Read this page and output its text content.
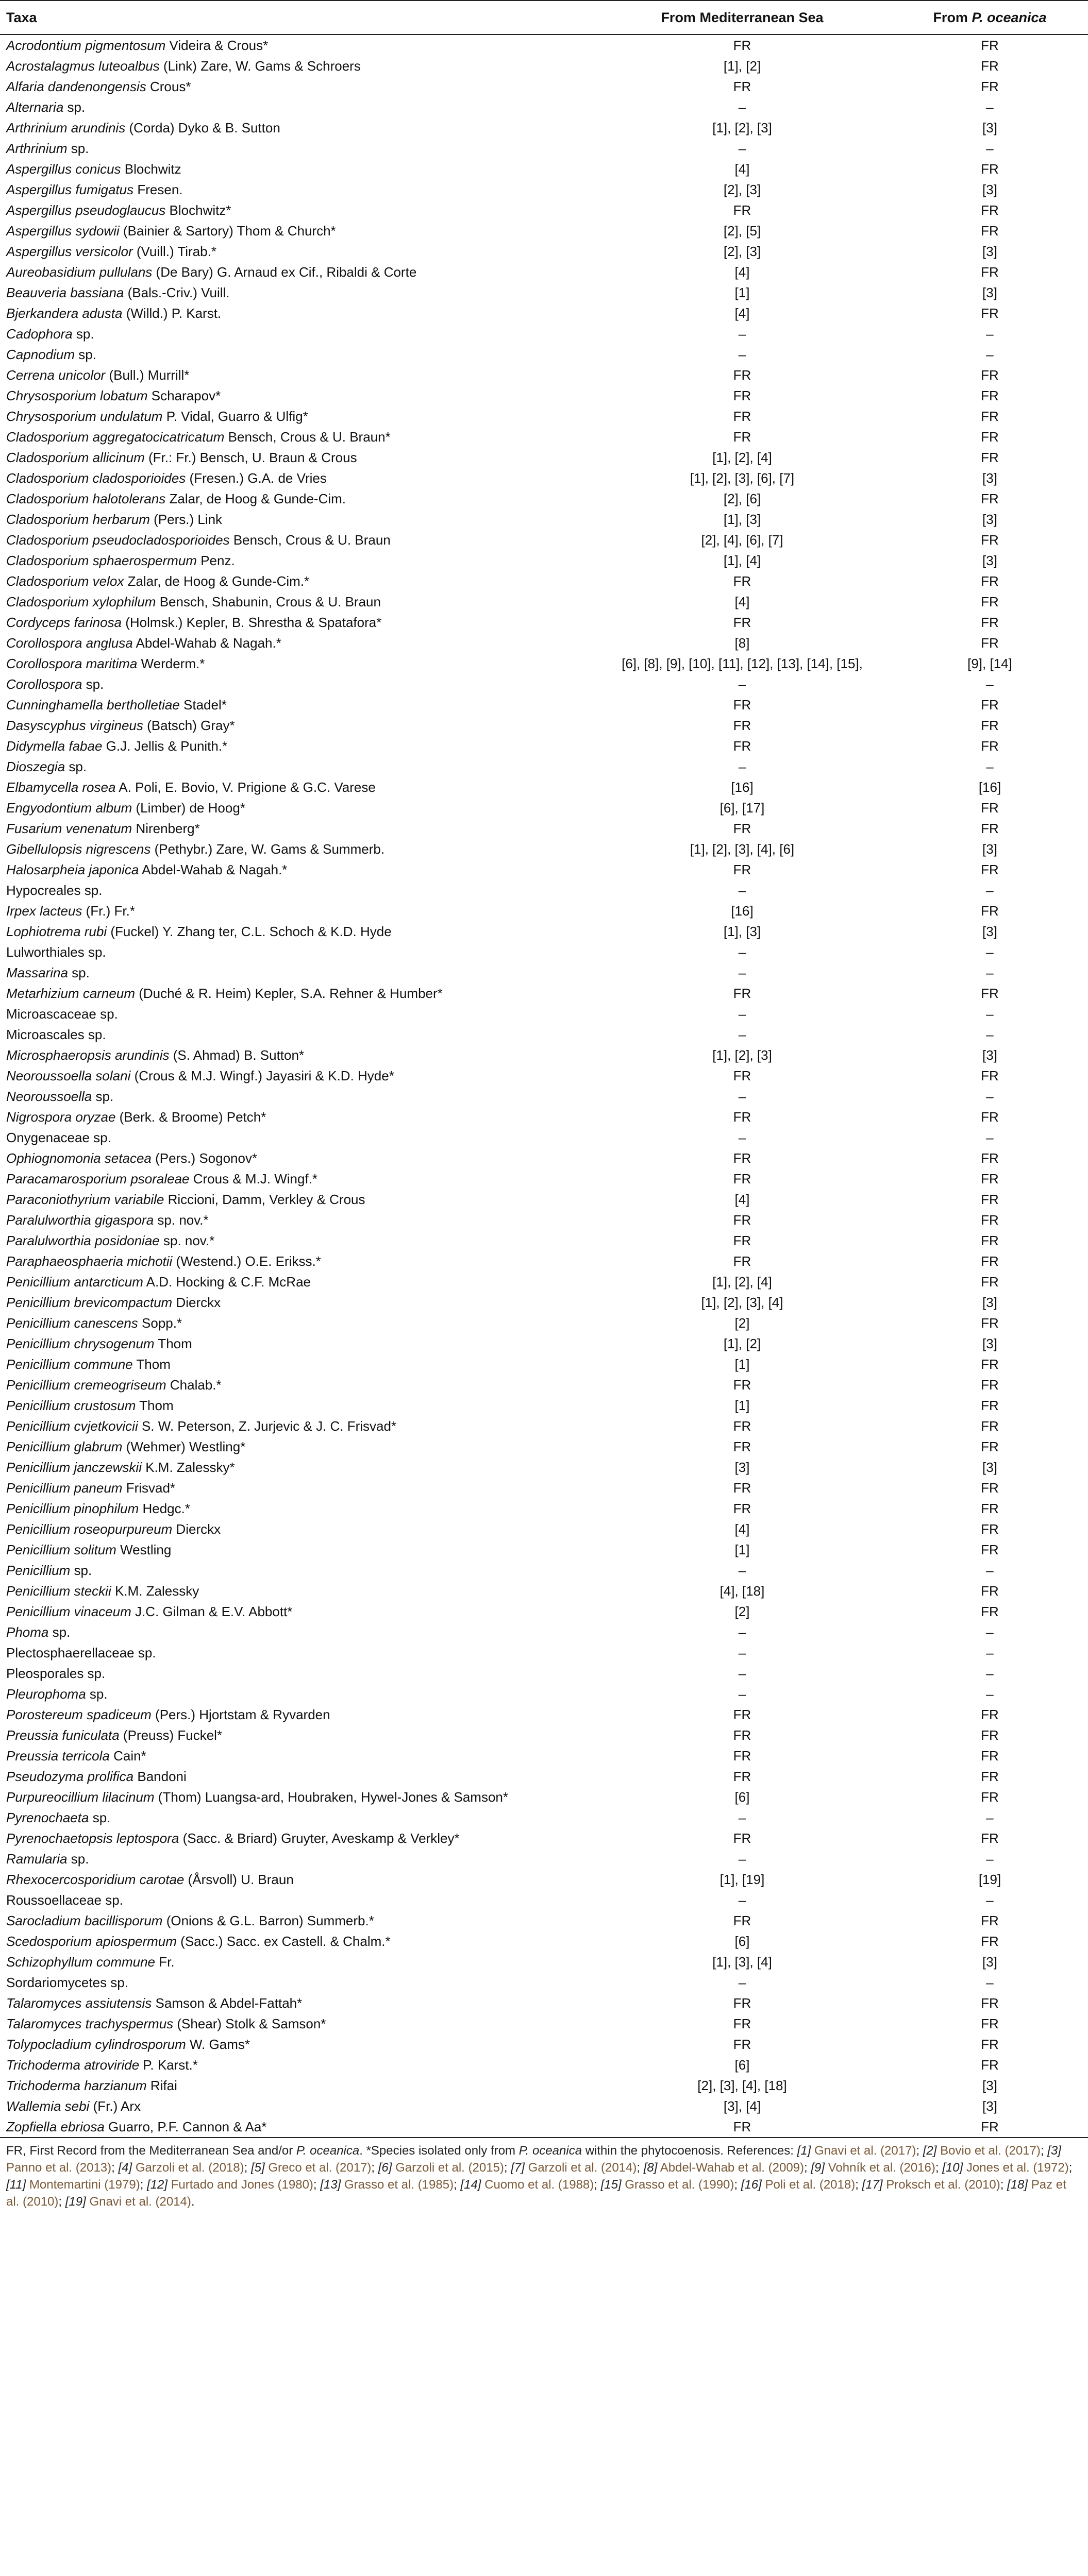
Taxa	From Mediterranean Sea	From P. oceanica
Acrodontium pigmentosum Videira & Crous*	FR	FR
Acrostalagmus luteoalbus (Link) Zare, W. Gams & Schroers	[1], [2]	FR
Alfaria dandenongensis Crous*	FR	FR
Alternaria sp.	–	–
Arthrinium arundinis (Corda) Dyko & B. Sutton	[1], [2], [3]	[3]
Arthrinium sp.	–	–
Aspergillus conicus Blochwitz	[4]	FR
Aspergillus fumigatus Fresen.	[2], [3]	[3]
Aspergillus pseudoglaucus Blochwitz*	FR	FR
Aspergillus sydowii (Bainier & Sartory) Thom & Church*	[2], [5]	FR
Aspergillus versicolor (Vuill.) Tirab.*	[2], [3]	[3]
Aureobasidium pullulans (De Bary) G. Arnaud ex Cif., Ribaldi & Corte	[4]	FR
Beauveria bassiana (Bals.-Criv.) Vuill.	[1]	[3]
Bjerkandera adusta (Willd.) P. Karst.	[4]	FR
Cadophora sp.	–	–
Capnodium sp.	–	–
Cerrena unicolor (Bull.) Murrill*	FR	FR
Chrysosporium lobatum Scharapov*	FR	FR
Chrysosporium undulatum P. Vidal, Guarro & Ulfig*	FR	FR
Cladosporium aggregatocicatricatum Bensch, Crous & U. Braun*	FR	FR
Cladosporium allicinum (Fr.: Fr.) Bensch, U. Braun & Crous	[1], [2], [4]	FR
Cladosporium cladosporioides (Fresen.) G.A. de Vries	[1], [2], [3], [6], [7]	[3]
Cladosporium halotolerans Zalar, de Hoog & Gunde-Cim.	[2], [6]	FR
Cladosporium herbarum (Pers.) Link	[1], [3]	[3]
Cladosporium pseudocladosporioides Bensch, Crous & U. Braun	[2], [4], [6], [7]	FR
Cladosporium sphaerospermum Penz.	[1], [4]	[3]
Cladosporium velox Zalar, de Hoog & Gunde-Cim.*	FR	FR
Cladosporium xylophilum Bensch, Shabunin, Crous & U. Braun	[4]	FR
Cordyceps farinosa (Holmsk.) Kepler, B. Shrestha & Spatafora*	FR	FR
Corollospora anglusa Abdel-Wahab & Nagah.*	[8]	FR
Corollospora maritima Werderm.*	[6], [8], [9], [10], [11], [12], [13], [14], [15],	[9], [14]
Corollospora sp.	–	–
Cunninghamella bertholletiae Stadel*	FR	FR
Dasyscyphus virgineus (Batsch) Gray*	FR	FR
Didymella fabae G.J. Jellis & Punith.*	FR	FR
Dioszegia sp.	–	–
Elbamycella rosea A. Poli, E. Bovio, V. Prigione & G.C. Varese	[16]	[16]
Engyodontium album (Limber) de Hoog*	[6], [17]	FR
Fusarium venenatum Nirenberg*	FR	FR
Gibellulopsis nigrescens (Pethybr.) Zare, W. Gams & Summerb.	[1], [2], [3], [4], [6]	[3]
Halosarpheia japonica Abdel-Wahab & Nagah.*	FR	FR
Hypocreales sp.	–	–
Irpex lacteus (Fr.) Fr.*	[16]	FR
Lophiotrema rubi (Fuckel) Y. Zhang ter, C.L. Schoch & K.D. Hyde	[1], [3]	[3]
Lulworthiales sp.	–	–
Massarina sp.	–	–
Metarhizium carneum (Duché & R. Heim) Kepler, S.A. Rehner & Humber*	FR	FR
Microascaceae sp.	–	–
Microascales sp.	–	–
Microsphaeropsis arundinis (S. Ahmad) B. Sutton*	[1], [2], [3]	[3]
Neoroussoella solani (Crous & M.J. Wingf.) Jayasiri & K.D. Hyde*	FR	FR
Neoroussoella sp.	–	–
Nigrospora oryzae (Berk. & Broome) Petch*	FR	FR
Onygenaceae sp.	–	–
Ophiognomonia setacea (Pers.) Sogonov*	FR	FR
Paracamarosporium psoraleae Crous & M.J. Wingf.*	FR	FR
Paraconiothyrium variabile Riccioni, Damm, Verkley & Crous	[4]	FR
Paralulworthia gigaspora sp. nov.*	FR	FR
Paralulworthia posidoniae sp. nov.*	FR	FR
Paraphaeosphaeria michotii (Westend.) O.E. Erikss.*	FR	FR
Penicillium antarcticum A.D. Hocking & C.F. McRae	[1], [2], [4]	FR
Penicillium brevicompactum Dierckx	[1], [2], [3], [4]	[3]
Penicillium canescens Sopp.*	[2]	FR
Penicillium chrysogenum Thom	[1], [2]	[3]
Penicillium commune Thom	[1]	FR
Penicillium cremeogriseum Chalab.*	FR	FR
Penicillium crustosum Thom	[1]	FR
Penicillium cvjetkovicii S. W. Peterson, Z. Jurjevic & J. C. Frisvad*	FR	FR
Penicillium glabrum (Wehmer) Westling*	FR	FR
Penicillium janczewskii K.M. Zalessky*	[3]	[3]
Penicillium paneum Frisvad*	FR	FR
Penicillium pinophilum Hedgc.*	FR	FR
Penicillium roseopurpureum Dierckx	[4]	FR
Penicillium solitum Westling	[1]	FR
Penicillium sp.	–	–
Penicillium steckii K.M. Zalessky	[4], [18]	FR
Penicillium vinaceum J.C. Gilman & E.V. Abbott*	[2]	FR
Phoma sp.	–	–
Plectosphaerellaceae sp.	–	–
Pleosporales sp.	–	–
Pleurophoma sp.	–	–
Porostereum spadiceum (Pers.) Hjortstam & Ryvarden	FR	FR
Preussia funiculata (Preuss) Fuckel*	FR	FR
Preussia terricola Cain*	FR	FR
Pseudozyma prolifica Bandoni	FR	FR
Purpureocillium lilacinum (Thom) Luangsa-ard, Houbraken, Hywel-Jones & Samson*	[6]	FR
Pyrenochaeta sp.	–	–
Pyrenochaetopsis leptospora (Sacc. & Briard) Gruyter, Aveskamp & Verkley*	FR	FR
Ramularia sp.	–	–
Rhexocercosporidium carotae (Årsvoll) U. Braun	[1], [19]	[19]
Roussoellaceae sp.	–	–
Sarocladium bacillisporum (Onions & G.L. Barron) Summerb.*	FR	FR
Scedosporium apiospermum (Sacc.) Sacc. ex Castell. & Chalm.*	[6]	FR
Schizophyllum commune Fr.	[1], [3], [4]	[3]
Sordariomycetes sp.	–	–
Talaromyces assiutensis Samson & Abdel-Fattah*	FR	FR
Talaromyces trachyspermus (Shear) Stolk & Samson*	FR	FR
Tolypocladium cylindrosporum W. Gams*	FR	FR
Trichoderma atroviride P. Karst.*	[6]	FR
Trichoderma harzianum Rifai	[2], [3], [4], [18]	[3]
Wallemia sebi (Fr.) Arx	[3], [4]	[3]
Zopfiella ebriosa Guarro, P.F. Cannon & Aa*	FR	FR
FR, First Record from the Mediterranean Sea and/or P. oceanica. *Species isolated only from P. oceanica within the phytocoenosis. References: [1] Gnavi et al. (2017); [2] Bovio et al. (2017); [3] Panno et al. (2013); [4] Garzoli et al. (2018); [5] Greco et al. (2017); [6] Garzoli et al. (2015); [7] Garzoli et al. (2014); [8] Abdel-Wahab et al. (2009); [9] Vohník et al. (2016); [10] Jones et al. (1972); [11] Montemartini (1979); [12] Furtado and Jones (1980); [13] Grasso et al. (1985); [14] Cuomo et al. (1988); [15] Grasso et al. (1990); [16] Poli et al. (2018); [17] Proksch et al. (2010); [18] Paz et al. (2010); [19] Gnavi et al. (2014).
